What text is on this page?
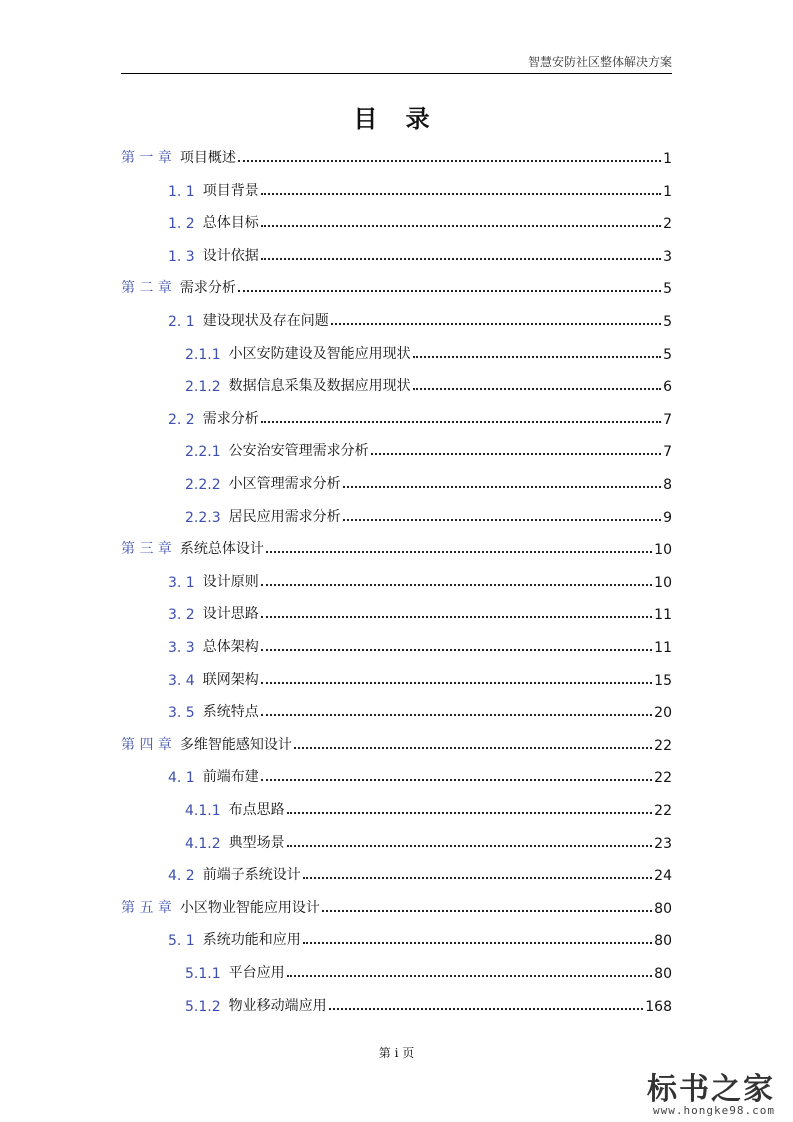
智慧安防社区整体解决方案
目 录
第 一 章 项目概述	1
1. 1 项目背景	1
1. 2 总体目标	2
1. 3 设计依据	3
第 二 章 需求分析	5
2. 1 建设现状及存在问题	5
2.1.1 小区安防建设及智能应用现状	5
2.1.2 数据信息采集及数据应用现状	6
2. 2 需求分析	7
2.2.1 公安治安管理需求分析	7
2.2.2 小区管理需求分析	8
2.2.3 居民应用需求分析	9
第 三 章 系统总体设计	10
3. 1 设计原则	10
3. 2 设计思路	11
3. 3 总体架构	11
3. 4 联网架构	15
3. 5 系统特点	20
第 四 章 多维智能感知设计	22
4. 1 前端布建	22
4.1.1 布点思路	22
4.1.2 典型场景	23
4. 2 前端子系统设计	24
第 五 章 小区物业智能应用设计	80
5. 1 系统功能和应用	80
5.1.1 平台应用	80
5.1.2 物业移动端应用	168
第 i 页
标书之家
www.hongke98.com
